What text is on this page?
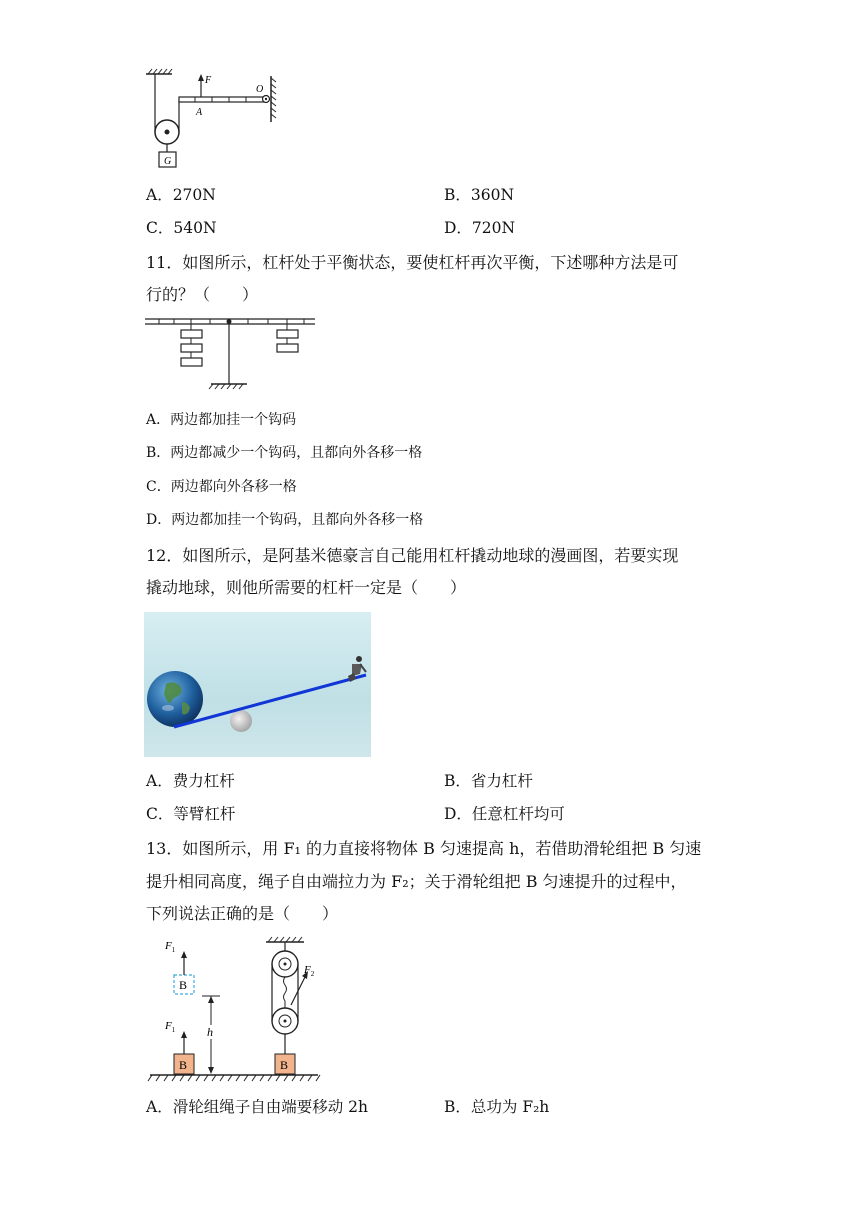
F
A
O
G
A．270N	B．360N
C．540N	D．720N
11．如图所示，杠杆处于平衡状态，要使杠杆再次平衡，下述哪种方法是可
行的？（　　）
A．两边都加挂一个钩码
B．两边都减少一个钩码，且都向外各移一格
C．两边都向外各移一格
D．两边都加挂一个钩码，且都向外各移一格
12．如图所示，是阿基米德豪言自己能用杠杆撬动地球的漫画图，若要实现
撬动地球，则他所需要的杠杆一定是（　　）
A．费力杠杆	B．省力杠杆
C．等臂杠杆	D．任意杠杆均可
13．如图所示，用 F₁ 的力直接将物体 B 匀速提高 h，若借助滑轮组把 B 匀速
提升相同高度，绳子自由端拉力为 F₂；关于滑轮组把 B 匀速提升的过程中，
下列说法正确的是（　　）
B
$F_1$
B
$F_1$
h
$F_2$
B
A．滑轮组绳子自由端要移动 2h	B．总功为 F₂h
